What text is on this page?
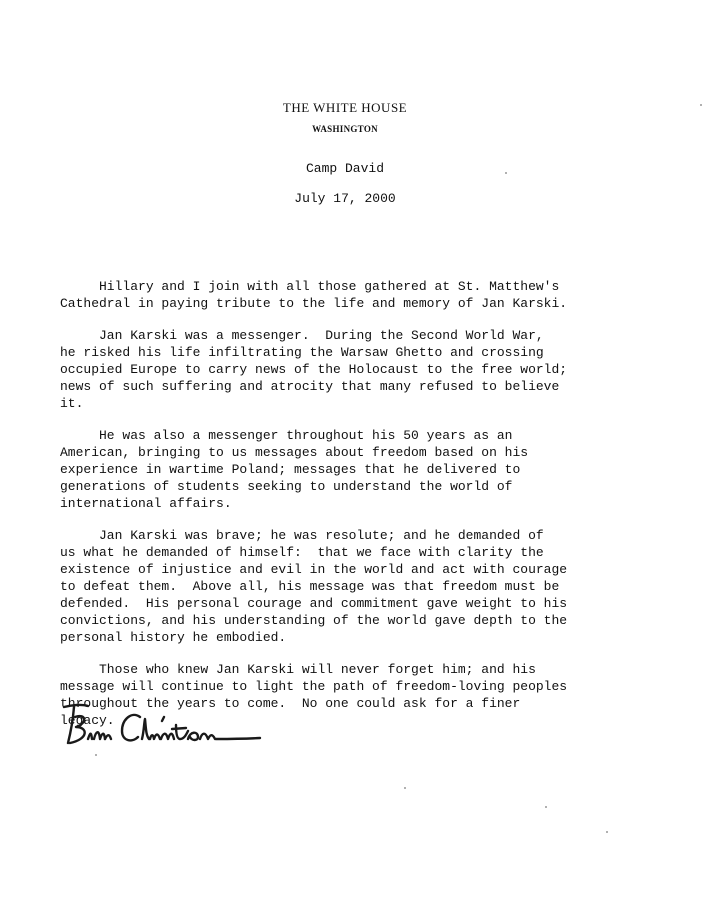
THE WHITE HOUSE
WASHINGTON
Camp David
July 17, 2000

Hillary and I join with all those gathered at St. Matthew's
Cathedral in paying tribute to the life and memory of Jan Karski.

Jan Karski was a messenger.  During the Second World War,
he risked his life infiltrating the Warsaw Ghetto and crossing
occupied Europe to carry news of the Holocaust to the free world;
news of such suffering and atrocity that many refused to believe
it.

He was also a messenger throughout his 50 years as an
American, bringing to us messages about freedom based on his
experience in wartime Poland; messages that he delivered to
generations of students seeking to understand the world of
international affairs.

Jan Karski was brave; he was resolute; and he demanded of
us what he demanded of himself:  that we face with clarity the
existence of injustice and evil in the world and act with courage
to defeat them.  Above all, his message was that freedom must be
defended.  His personal courage and commitment gave weight to his
convictions, and his understanding of the world gave depth to the
personal history he embodied.

Those who knew Jan Karski will never forget him; and his
message will continue to light the path of freedom-loving peoples
throughout the years to come.  No one could ask for a finer
legacy.
